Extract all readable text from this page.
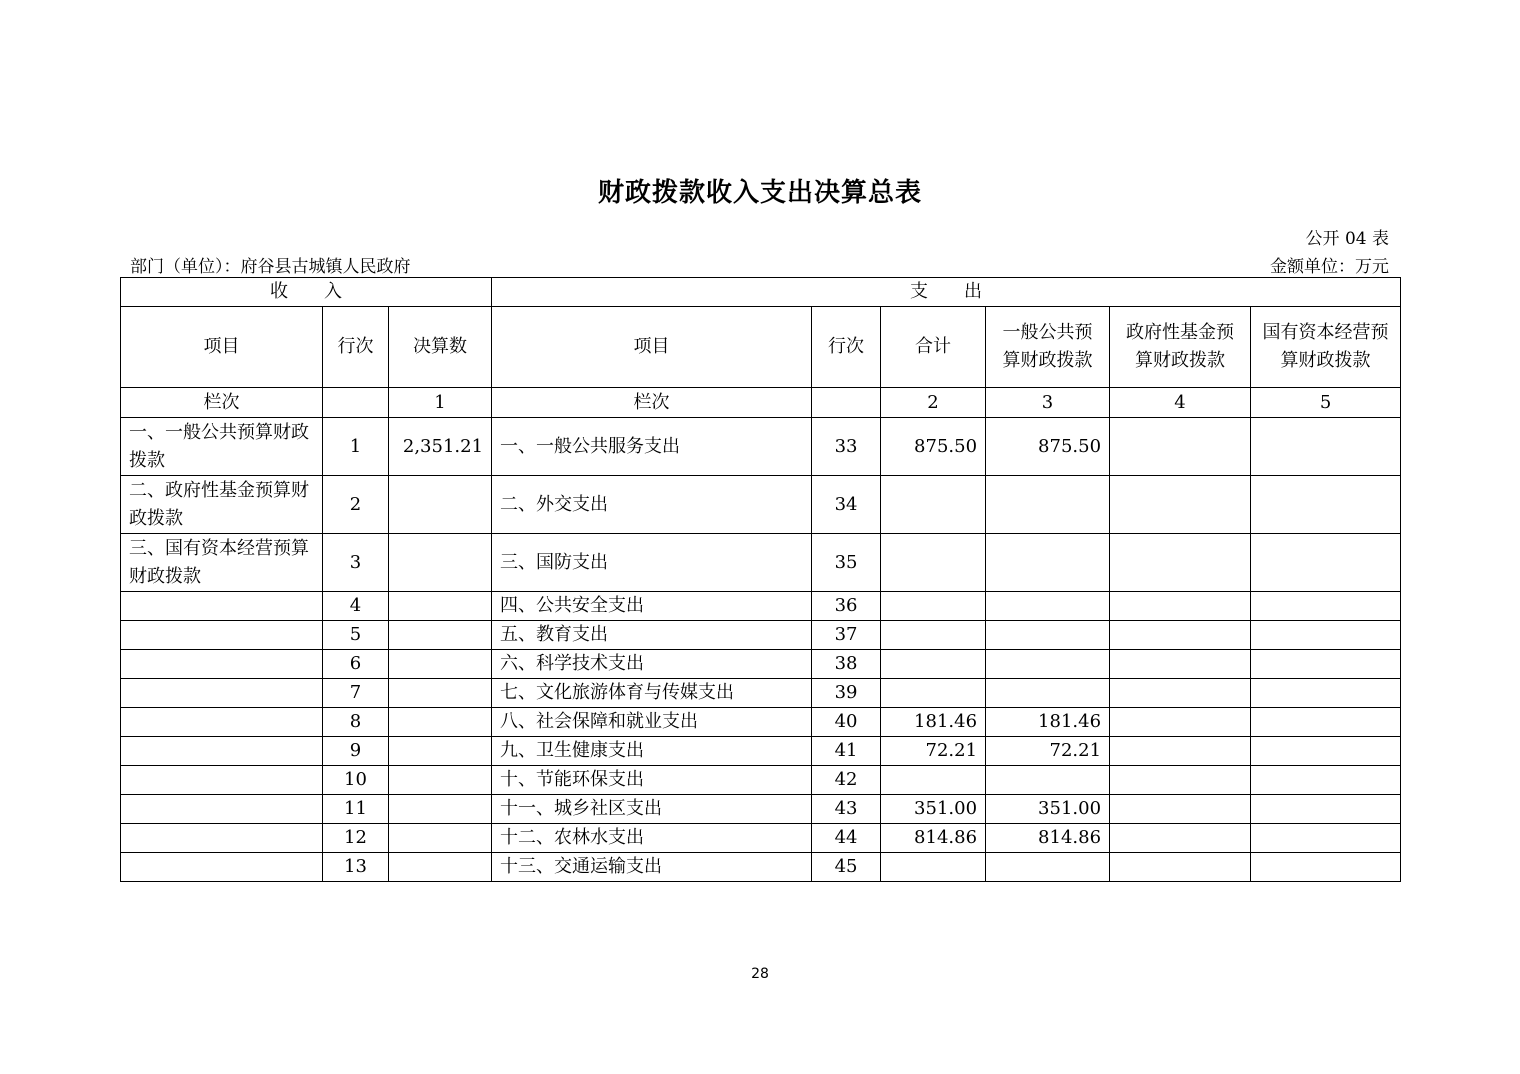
财政拨款收入支出决算总表
公开 04 表
部门（单位）：府谷县古城镇人民政府	金额单位：万元
收　　入			支　　出					
项目	行次	决算数	项目	行次	合计	一般公共预算财政拨款	政府性基金预算财政拨款	国有资本经营预算财政拨款
栏次		1	栏次		2	3	4	5
一、一般公共预算财政拨款	1	2,351.21	一、一般公共服务支出	33	875.50	875.50		
二、政府性基金预算财政拨款	2		二、外交支出	34				
三、国有资本经营预算财政拨款	3		三、国防支出	35				
	4		四、公共安全支出	36				
	5		五、教育支出	37				
	6		六、科学技术支出	38				
	7		七、文化旅游体育与传媒支出	39				
	8		八、社会保障和就业支出	40	181.46	181.46		
	9		九、卫生健康支出	41	72.21	72.21		
	10		十、节能环保支出	42				
	11		十一、城乡社区支出	43	351.00	351.00		
	12		十二、农林水支出	44	814.86	814.86		
	13		十三、交通运输支出	45				
28
